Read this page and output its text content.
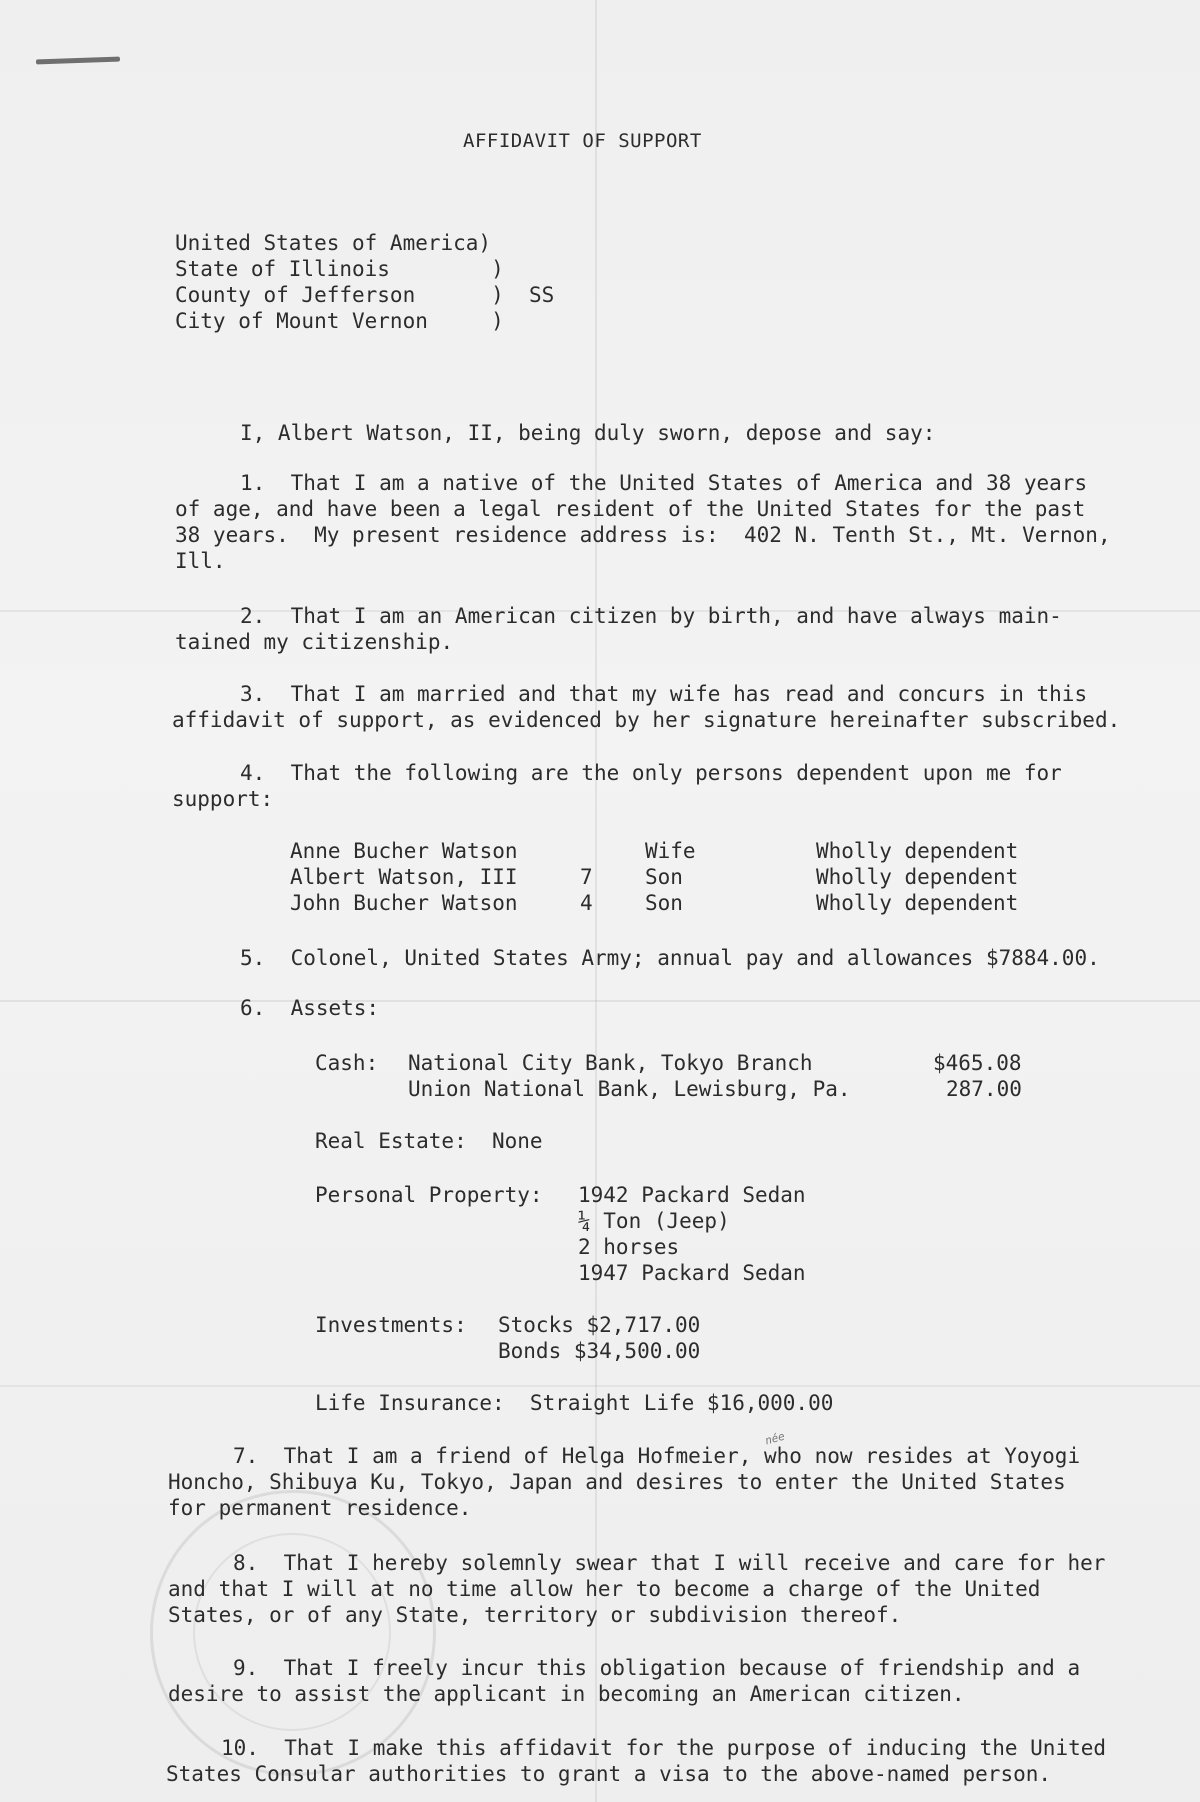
AFFIDAVIT OF SUPPORT
United States of America)
State of Illinois        )
County of Jefferson      )  SS
City of Mount Vernon     )
I, Albert Watson, II, being duly sworn, depose and say:
1.  That I am a native of the United States of America and 38 years
of age, and have been a legal resident of the United States for the past
38 years.  My present residence address is:  402 N. Tenth St., Mt. Vernon,
Ill.
2.  That I am an American citizen by birth, and have always main-
tained my citizenship.
3.  That I am married and that my wife has read and concurs in this
affidavit of support, as evidenced by her signature hereinafter subscribed.
4.  That the following are the only persons dependent upon me for
support:
Anne Bucher Watson	Wife	Wholly dependent
Albert Watson, III	7 Son	Wholly dependent
John Bucher Watson	4 Son	Wholly dependent
5.  Colonel, United States Army; annual pay and allowances $7884.00.
6.  Assets:
Cash: National City Bank, Tokyo Branch	$465.08
Union National Bank, Lewisburg, Pa.	287.00
Real Estate:  None
Personal Property: 1942 Packard Sedan
¼ Ton (Jeep)
2 horses
1947 Packard Sedan
Investments: Stocks $2,717.00
Bonds $34,500.00
Life Insurance:  Straight Life $16,000.00
née
7.  That I am a friend of Helga Hofmeier, who now resides at Yoyogi
Honcho, Shibuya Ku, Tokyo, Japan and desires to enter the United States
for permanent residence.
8.  That I hereby solemnly swear that I will receive and care for her
and that I will at no time allow her to become a charge of the United
States, or of any State, territory or subdivision thereof.
9.  That I freely incur this obligation because of friendship and a
desire to assist the applicant in becoming an American citizen.
10.  That I make this affidavit for the purpose of inducing the United
States Consular authorities to grant a visa to the above-named person.
